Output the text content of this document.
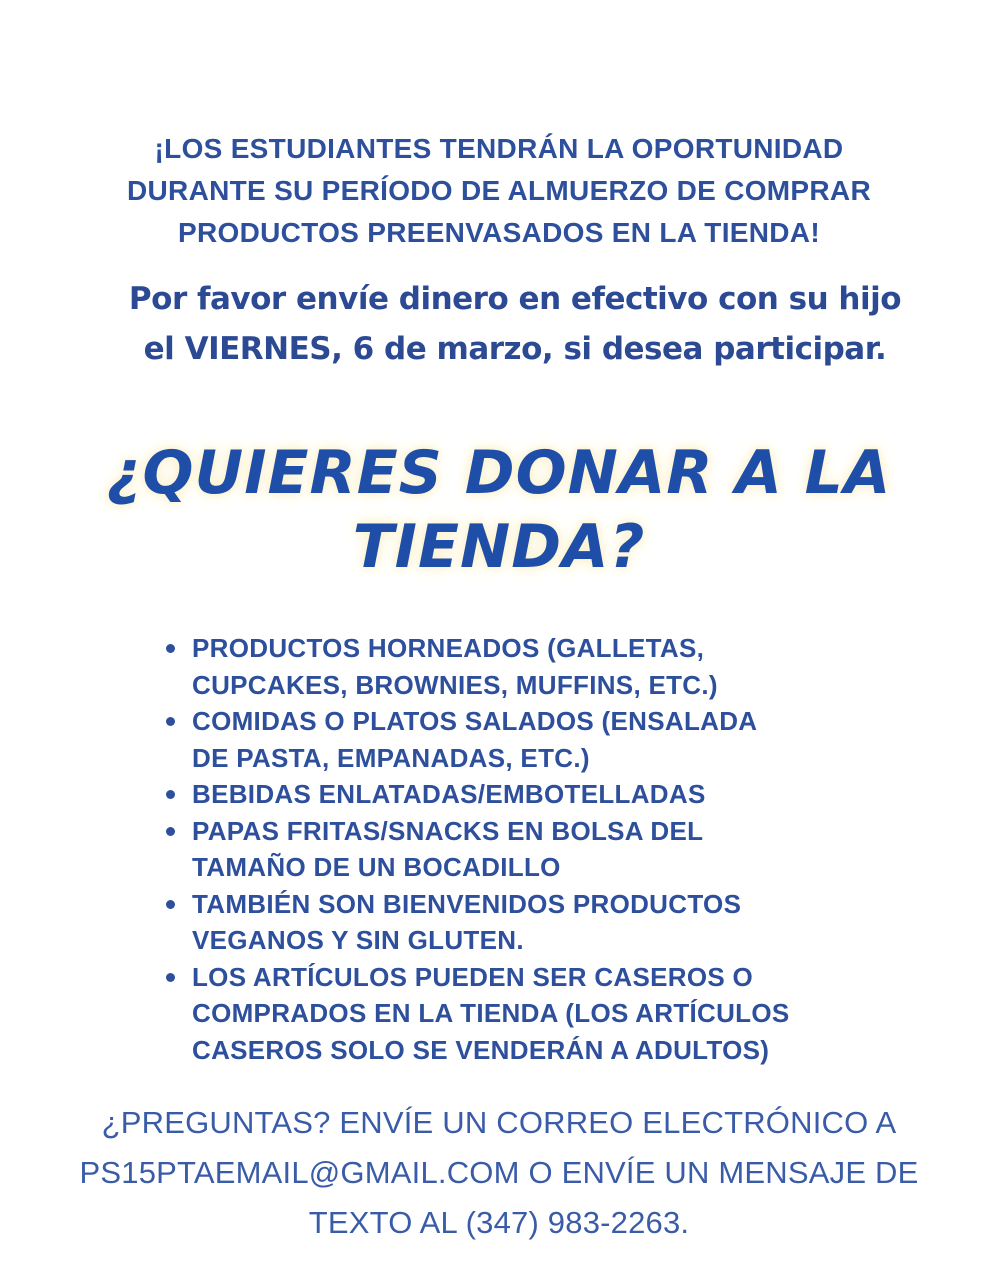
¡LOS ESTUDIANTES TENDRÁN LA OPORTUNIDAD
DURANTE SU PERÍODO DE ALMUERZO DE COMPRAR
PRODUCTOS PREENVASADOS EN LA TIENDA!
Por favor envíe dinero en efectivo con su hijo
el VIERNES, 6 de marzo, si desea participar.
¿QUIERES DONAR A LA
TIENDA?
PRODUCTOS HORNEADOS (GALLETAS,
CUPCAKES, BROWNIES, MUFFINS, ETC.)
COMIDAS O PLATOS SALADOS (ENSALADA
DE PASTA, EMPANADAS, ETC.)
BEBIDAS ENLATADAS/EMBOTELLADAS
PAPAS FRITAS/SNACKS EN BOLSA DEL
TAMAÑO DE UN BOCADILLO
TAMBIÉN SON BIENVENIDOS PRODUCTOS
VEGANOS Y SIN GLUTEN.
LOS ARTÍCULOS PUEDEN SER CASEROS O
COMPRADOS EN LA TIENDA (LOS ARTÍCULOS
CASEROS SOLO SE VENDERÁN A ADULTOS)
¿PREGUNTAS? ENVÍE UN CORREO ELECTRÓNICO A
PS15PTAEMAIL@GMAIL.COM O ENVÍE UN MENSAJE DE
TEXTO AL (347) 983-2263.
